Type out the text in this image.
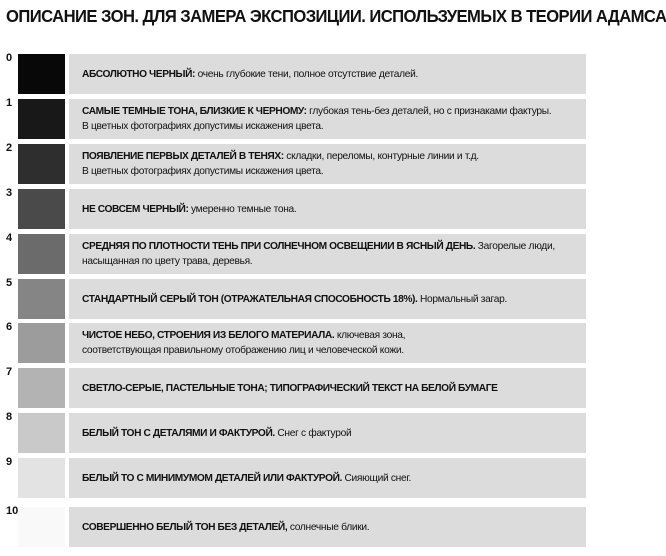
ОПИСАНИЕ ЗОН. ДЛЯ ЗАМЕРА ЭКСПОЗИЦИИ. ИСПОЛЬЗУЕМЫХ В ТЕОРИИ АДАМСА
0
АБСОЛЮТНО ЧЕРНЫЙ: очень глубокие тени, полное отсутствие деталей.
1
САМЫЕ ТЕМНЫЕ ТОНА, БЛИЗКИЕ К ЧЕРНОМУ: глубокая тень-без деталей, но с признаками фактуры.
В цветных фотографиях допустимы искажения цвета.
2
ПОЯВЛЕНИЕ ПЕРВЫХ ДЕТАЛЕЙ В ТЕНЯХ: складки, переломы, контурные линии и т.д.
В цветных фотографиях допустимы искажения цвета.
3
НЕ СОВСЕМ ЧЕРНЫЙ: умеренно темные тона.
4
СРЕДНЯЯ ПО ПЛОТНОСТИ ТЕНЬ ПРИ СОЛНЕЧНОМ ОСВЕЩЕНИИ В ЯСНЫЙ ДЕНЬ. Загорелые люди,
насыщанная по цвету трава, деревья.
5
СТАНДАРТНЫЙ СЕРЫЙ ТОН (ОТРАЖАТЕЛЬНАЯ СПОСОБНОСТЬ 18%). Нормальный загар.
6
ЧИСТОЕ НЕБО, СТРОЕНИЯ ИЗ БЕЛОГО МАТЕРИАЛА. ключевая зона,
соответствующая правильному отображению лиц и человеческой кожи.
7
СВЕТЛО-СЕРЫЕ, ПАСТЕЛЬНЫЕ ТОНА; ТИПОГРАФИЧЕСКИЙ ТЕКСТ НА БЕЛОЙ БУМАГЕ
8
БЕЛЫЙ ТОН С ДЕТАЛЯМИ И ФАКТУРОЙ. Снег с фактурой
9
БЕЛЫЙ ТО С МИНИМУМОМ ДЕТАЛЕЙ ИЛИ ФАКТУРОЙ. Сияющий снег.
10
СОВЕРШЕННО БЕЛЫЙ ТОН БЕЗ ДЕТАЛЕЙ, солнечные блики.
